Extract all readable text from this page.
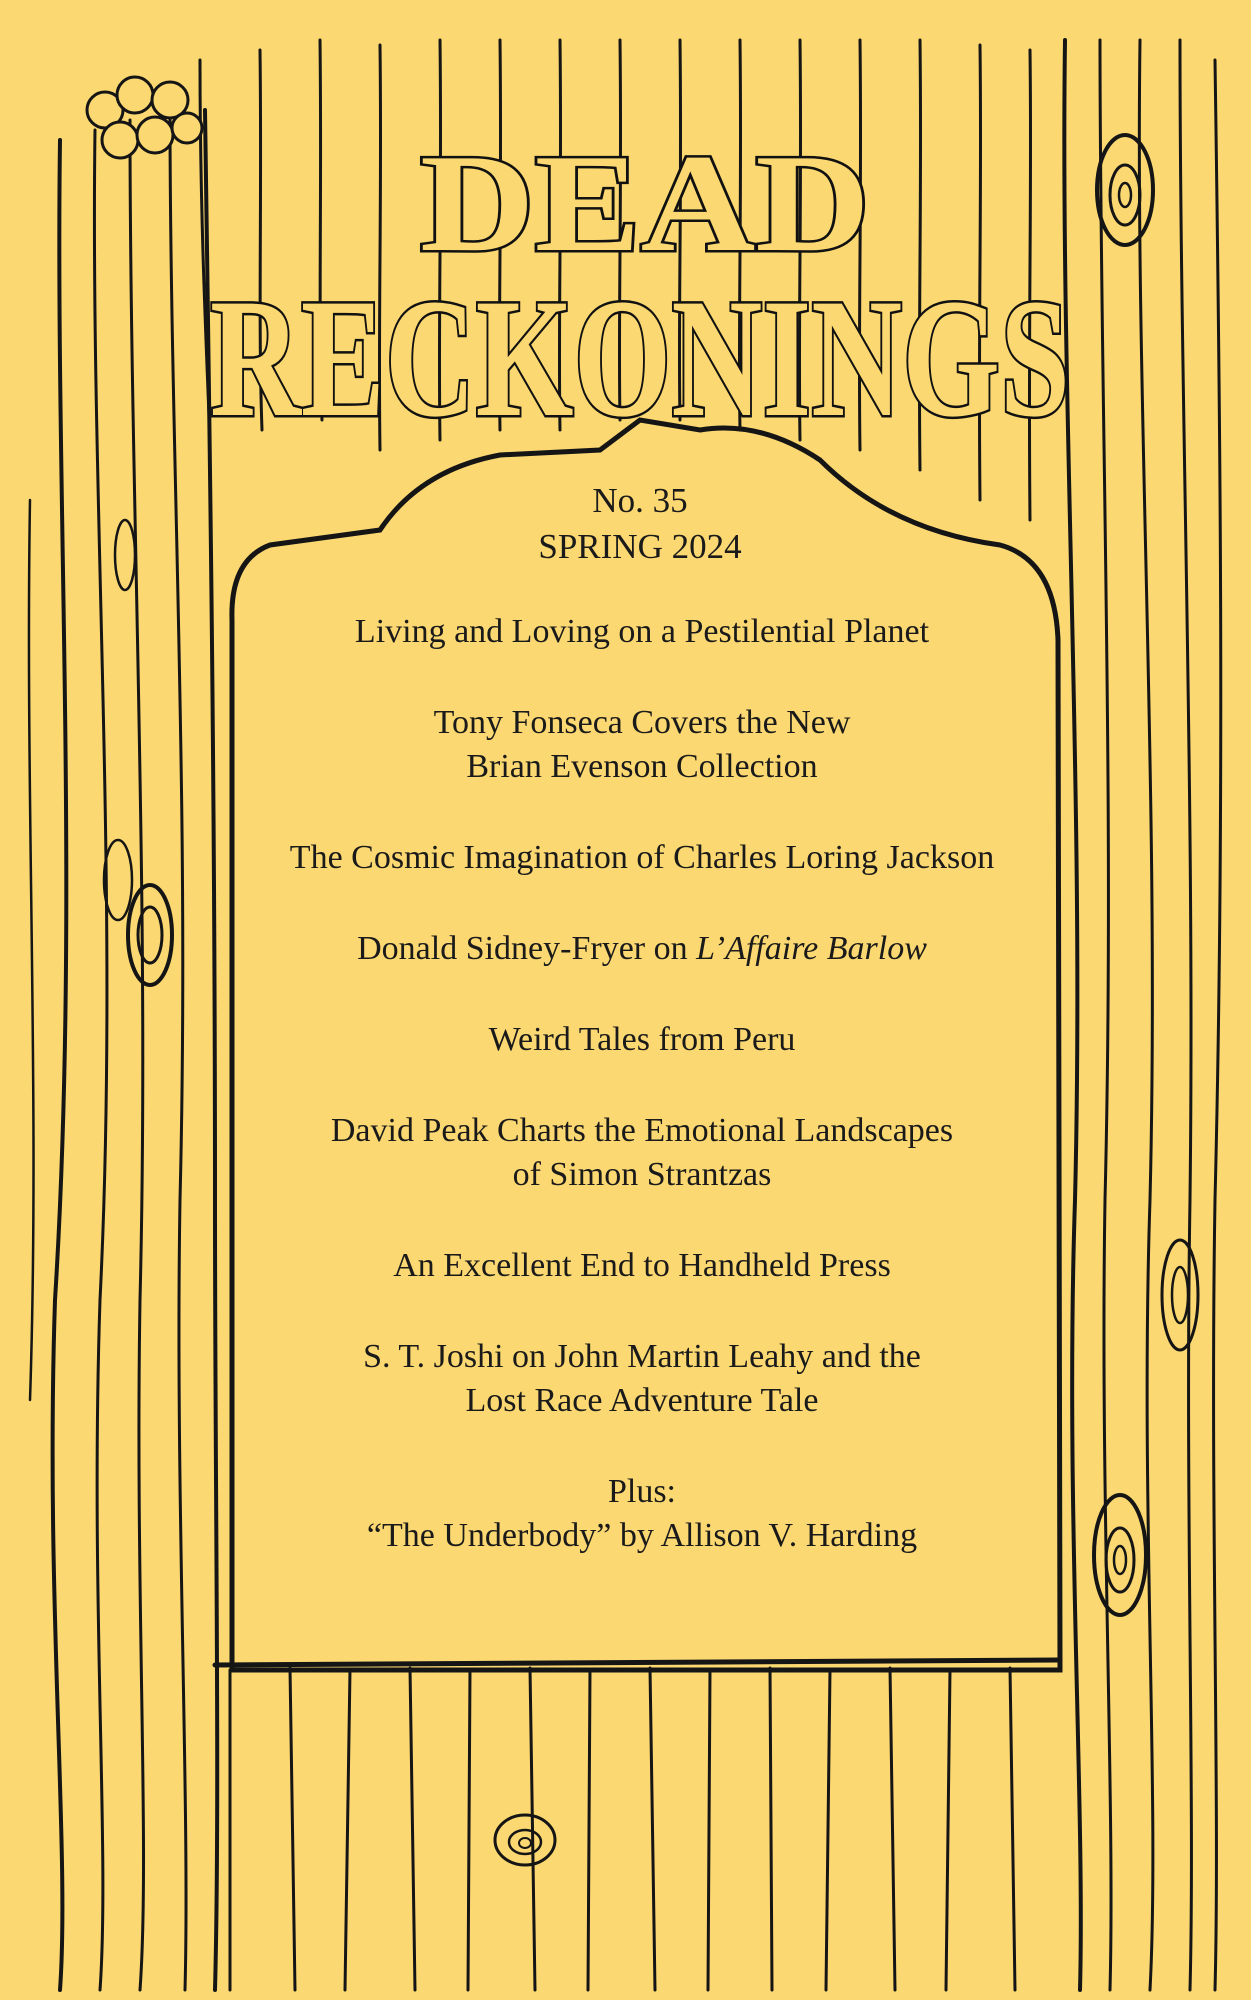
DEAD
RECKONINGS
No. 35
SPRING 2024
Living and Loving on a Pestilential Planet
Tony Fonseca Covers the New
Brian Evenson Collection
The Cosmic Imagination of Charles Loring Jackson
Donald Sidney-Fryer on L’Affaire Barlow
Weird Tales from Peru
David Peak Charts the Emotional Landscapes
of Simon Strantzas
An Excellent End to Handheld Press
S. T. Joshi on John Martin Leahy and the
Lost Race Adventure Tale
Plus:
“The Underbody” by Allison V. Harding
